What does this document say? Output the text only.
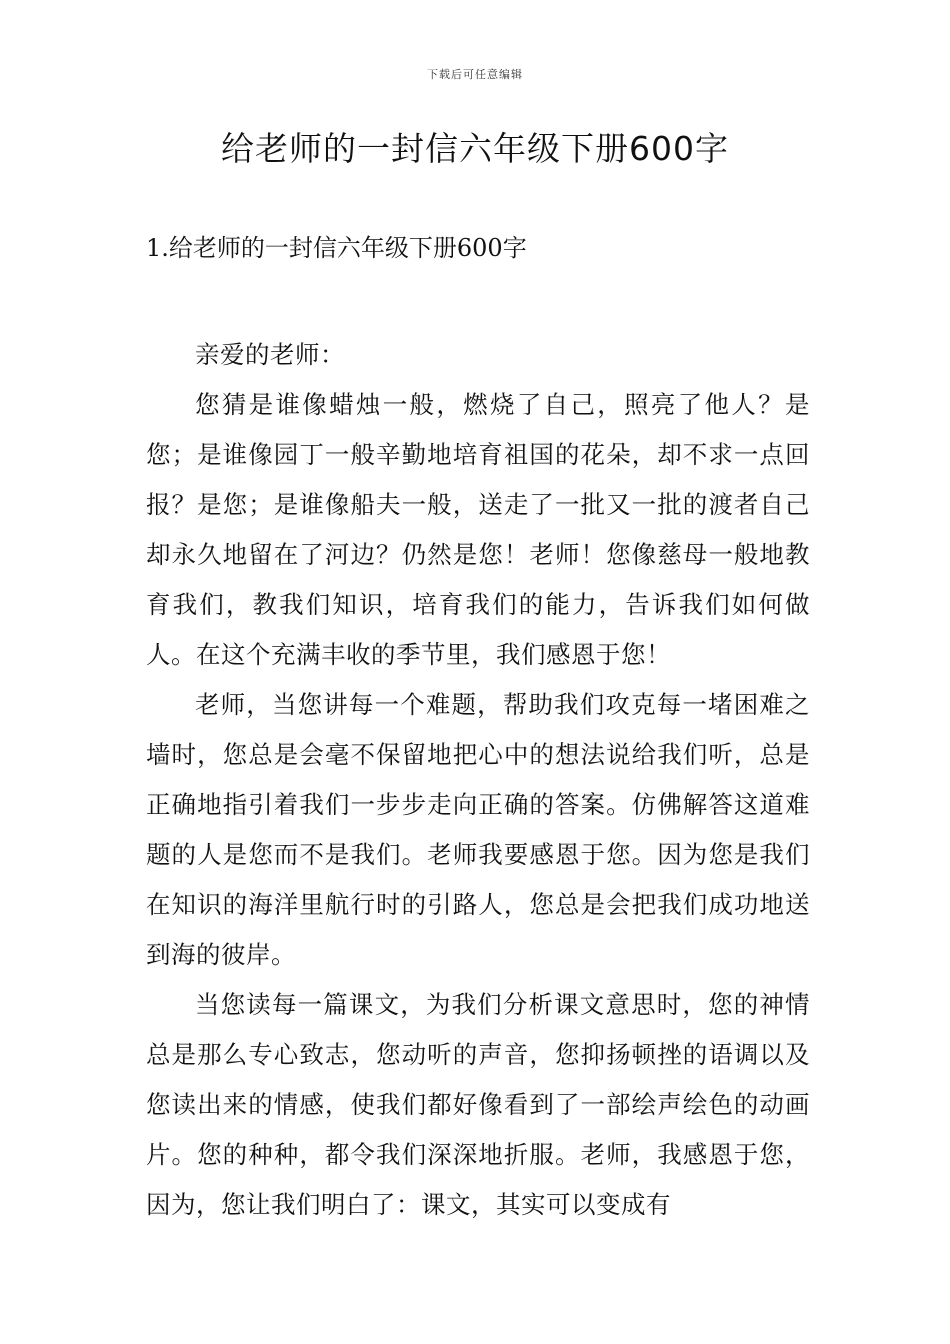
下载后可任意编辑
给老师的一封信六年级下册600字
1.给老师的一封信六年级下册600字

亲爱的老师：

您猜是谁像蜡烛一般，燃烧了自己，照亮了他人？是您；是谁像园丁一般辛勤地培育祖国的花朵，却不求一点回报？是您；是谁像船夫一般，送走了一批又一批的渡者自己却永久地留在了河边？仍然是您！老师！您像慈母一般地教育我们，教我们知识，培育我们的能力，告诉我们如何做人。在这个充满丰收的季节里，我们感恩于您！

老师，当您讲每一个难题，帮助我们攻克每一堵困难之墙时，您总是会毫不保留地把心中的想法说给我们听，总是正确地指引着我们一步步走向正确的答案。仿佛解答这道难题的人是您而不是我们。老师我要感恩于您。因为您是我们在知识的海洋里航行时的引路人，您总是会把我们成功地送到海的彼岸。

当您读每一篇课文，为我们分析课文意思时，您的神情总是那么专心致志，您动听的声音，您抑扬顿挫的语调以及您读出来的情感，使我们都好像看到了一部绘声绘色的动画片。您的种种，都令我们深深地折服。老师，我感恩于您，因为，您让我们明白了：课文，其实可以变成有
